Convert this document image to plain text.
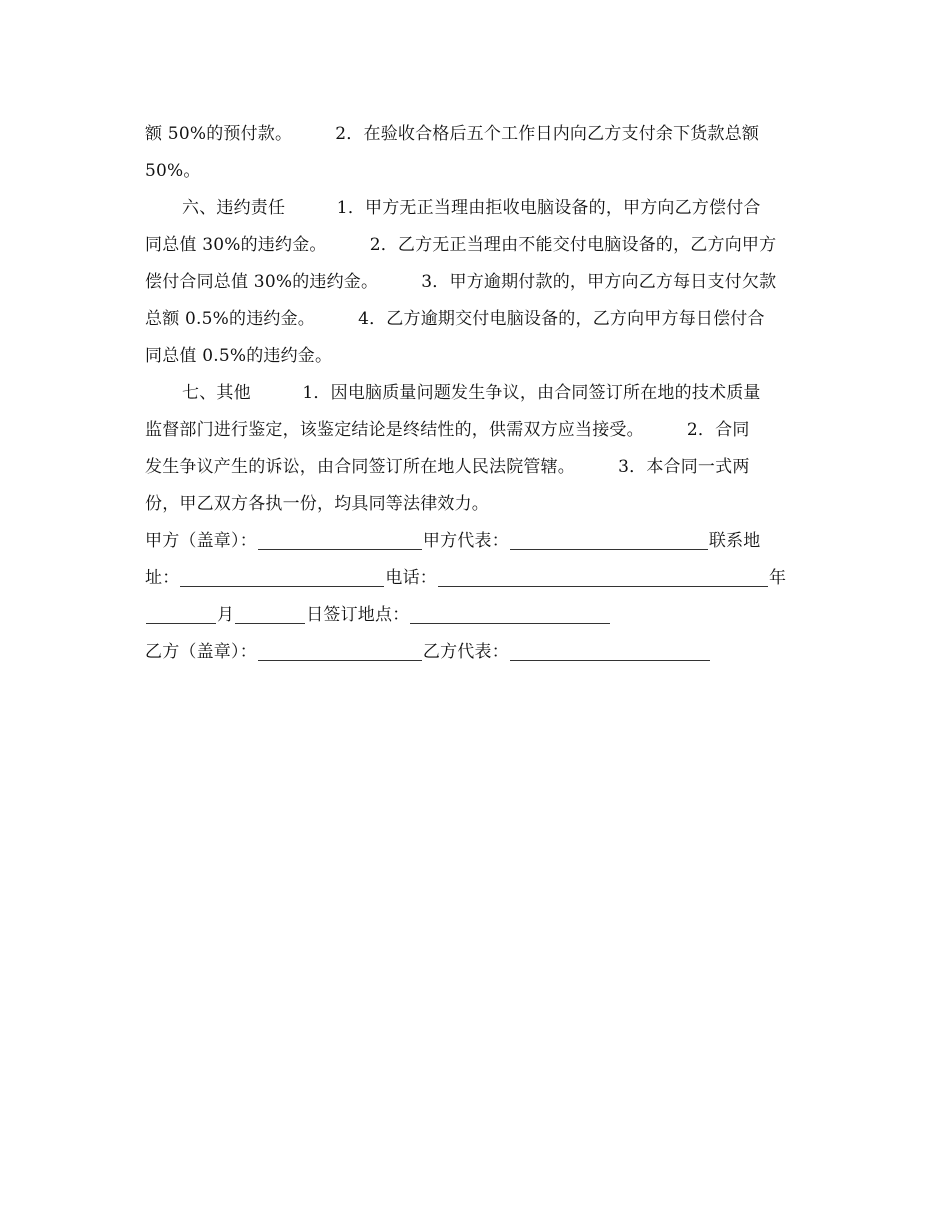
额 50%的预付款。　　　2．在验收合格后五个工作日内向乙方支付余下货款总额
50%。
六、违约责任　　　1．甲方无正当理由拒收电脑设备的，甲方向乙方偿付合
同总值 30%的违约金。　　　2．乙方无正当理由不能交付电脑设备的，乙方向甲方
偿付合同总值 30%的违约金。　　　3．甲方逾期付款的，甲方向乙方每日支付欠款
总额 0.5%的违约金。　　　4．乙方逾期交付电脑设备的，乙方向甲方每日偿付合
同总值 0.5%的违约金。
七、其他　　　1．因电脑质量问题发生争议，由合同签订所在地的技术质量
监督部门进行鉴定，该鉴定结论是终结性的，供需双方应当接受。　　　2．合同
发生争议产生的诉讼，由合同签订所在地人民法院管辖。　　　3．本合同一式两
份，甲乙双方各执一份，均具同等法律效力。
甲方（盖章）：	甲方代表：	联系地
址：	电话：	年
月	日签订地点：
乙方（盖章）：	乙方代表：
